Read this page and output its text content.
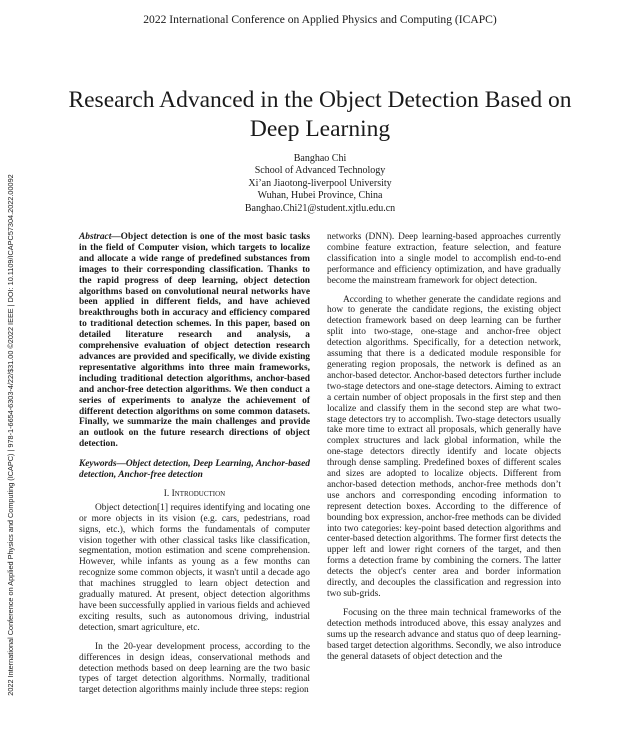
2022 International Conference on Applied Physics and Computing (ICAPC)
Research Advanced in the Object Detection Based on Deep Learning
Banghao Chi
School of Advanced Technology
Xi’an Jiaotong-liverpool University
Wuhan, Hubei Province, China
Banghao.Chi21@student.xjtlu.edu.cn
2022 International Conference on Applied Physics and Computing (ICAPC) | 978-1-6654-6303-4/22/$31.00 ©2022 IEEE | DOI: 10.1109/ICAPC57304.2022.00092	Abstract—Object detection is one of the most basic tasks in the field of Computer vision, which targets to localize and allocate a wide range of predefined substances from images to their corresponding classification. Thanks to the rapid progress of deep learning, object detection algorithms based on convolutional neural networks have been applied in different fields, and have achieved breakthroughs both in accuracy and efficiency compared to traditional detection schemes. In this paper, based on detailed literature research and analysis, a comprehensive evaluation of object detection research advances are provided and specifically, we divide existing representative algorithms into three main frameworks, including traditional detection algorithms, anchor-based and anchor-free detection algorithms. We then conduct a series of experiments to analyze the achievement of different detection algorithms on some common datasets. Finally, we summarize the main challenges and provide an outlook on the future research directions of object detection.

Keywords—Object detection, Deep Learning, Anchor-based detection, Anchor-free detection

I. Introduction

Object detection[1] requires identifying and locating one or more objects in its vision (e.g. cars, pedestrians, road signs, etc.), which forms the fundamentals of computer vision together with other classical tasks like classification, segmentation, motion estimation and scene comprehension. However, while infants as young as a few months can recognize some common objects, it wasn't until a decade ago that machines struggled to learn object detection and gradually matured. At present, object detection algorithms have been successfully applied in various fields and achieved exciting results, such as autonomous driving, industrial detection, smart agriculture, etc.

In the 20-year development process, according to the differences in design ideas, conservational methods and detection methods based on deep learning are the two basic types of target detection algorithms. Normally, traditional target detection algorithms mainly include three steps: region

networks (DNN). Deep learning-based approaches currently combine feature extraction, feature selection, and feature classification into a single model to accomplish end-to-end performance and efficiency optimization, and have gradually become the mainstream framework for object detection.

According to whether generate the candidate regions and how to generate the candidate regions, the existing object detection framework based on deep learning can be further split into two-stage, one-stage and anchor-free object detection algorithms. Specifically, for a detection network, assuming that there is a dedicated module responsible for generating region proposals, the network is defined as an anchor-based detector. Anchor-based detectors further include two-stage detectors and one-stage detectors. Aiming to extract a certain number of object proposals in the first step and then localize and classify them in the second step are what two-stage detectors try to accomplish. Two-stage detectors usually take more time to extract all proposals, which generally have complex structures and lack global information, while the one-stage detectors directly identify and locate objects through dense sampling. Predefined boxes of different scales and sizes are adopted to localize objects. Different from anchor-based detection methods, anchor-free methods don’t use anchors and corresponding encoding information to represent detection boxes. According to the difference of bounding box expression, anchor-free methods can be divided into two categories: key-point based detection algorithms and center-based detection algorithms. The former first detects the upper left and lower right corners of the target, and then forms a detection frame by combining the corners. The latter detects the object's center area and border information directly, and decouples the classification and regression into two sub-grids.

Focusing on the three main technical frameworks of the detection methods introduced above, this essay analyzes and sums up the research advance and status quo of deep learning-based target detection algorithms. Secondly, we also introduce the general datasets of object detection and the
